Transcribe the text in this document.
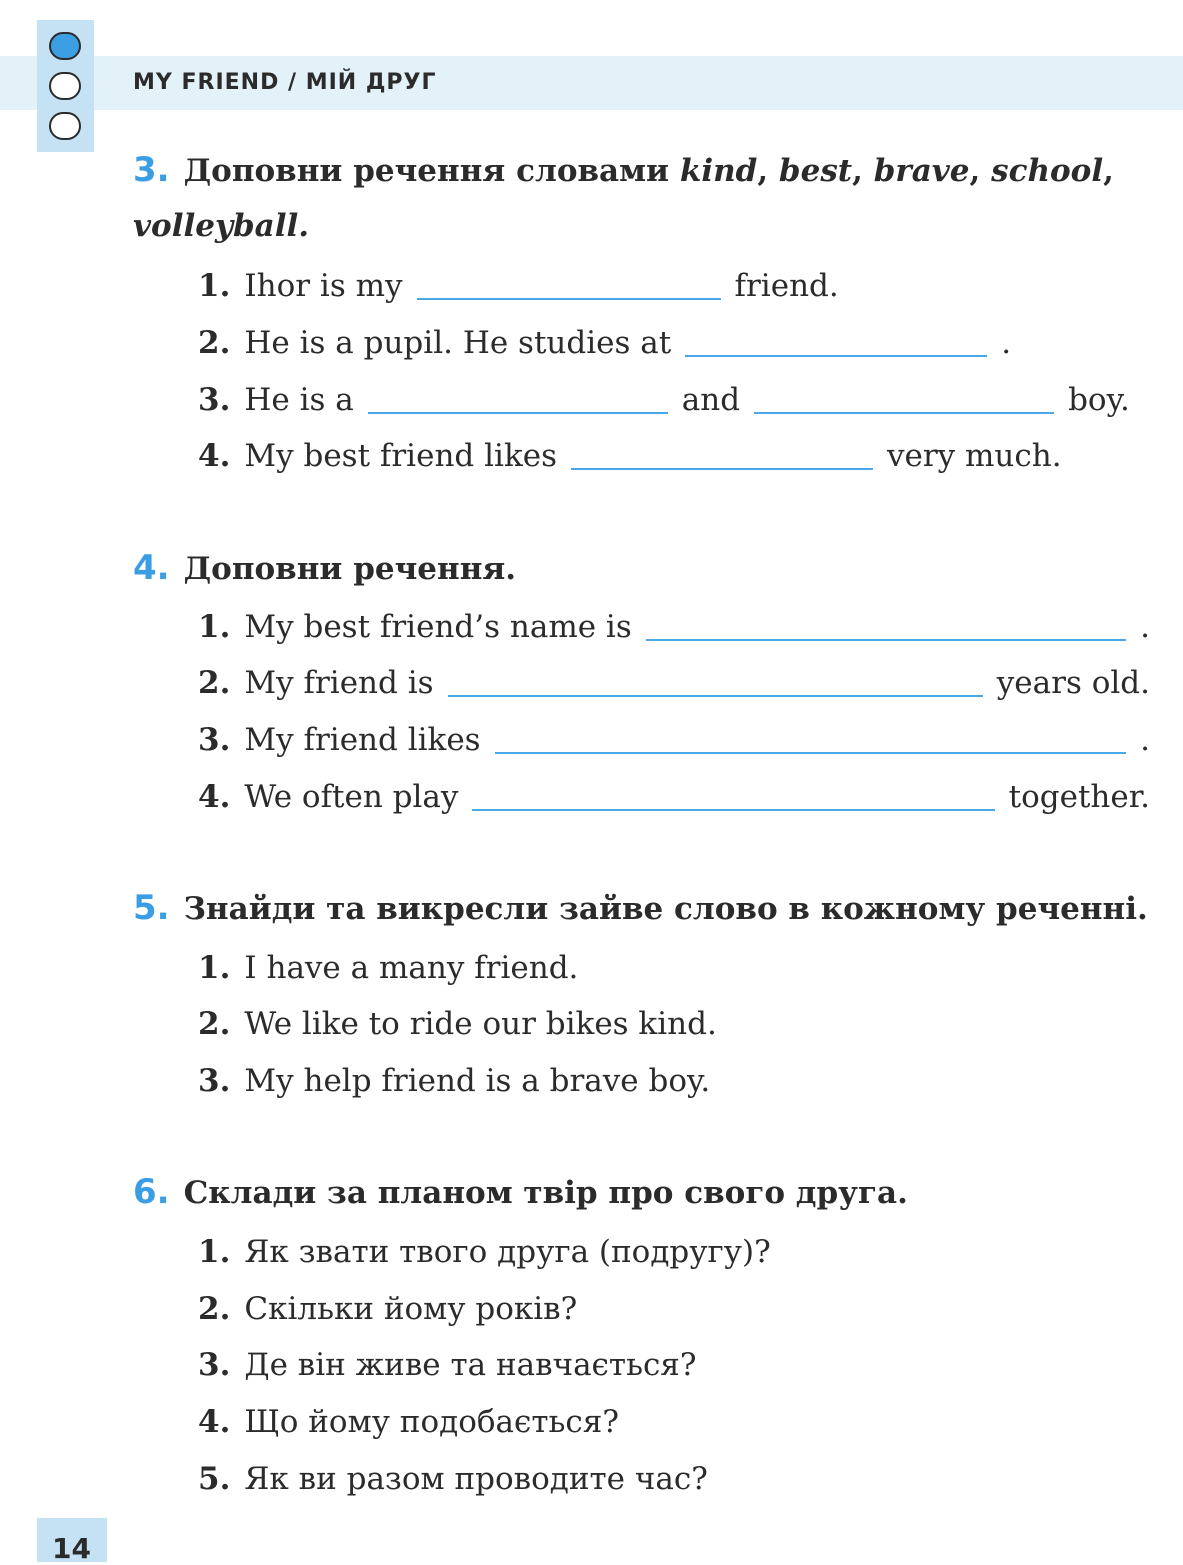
MY FRIEND / МІЙ ДРУГ
3. Доповни речення словами kind, best, brave, school,
volleyball.
1. Ihor is my	friend.
2. He is a pupil. He studies at	.
3. He is a	and	boy.
4. My best friend likes	very much.
4. Доповни речення.
1. My best friend’s name is	.
2. My friend is	years old.
3. My friend likes	.
4. We often play	together.
5. Знайди та викресли зайве слово в кожному реченні.
1. I have a many friend.
2. We like to ride our bikes kind.
3. My help friend is a brave boy.
6. Склади за планом твір про свого друга.
1. Як звати твого друга (подругу)?
2. Скільки йому років?
3. Де він живе та навчається?
4. Що йому подобається?
5. Як ви разом проводите час?
14
